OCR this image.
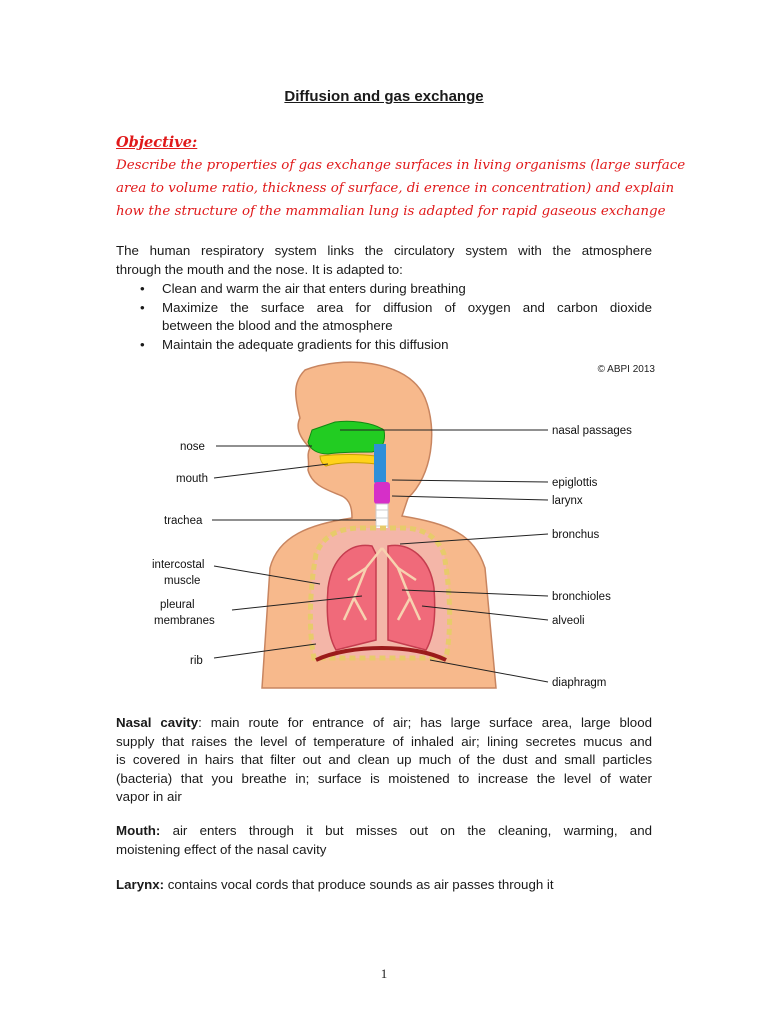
Diffusion and gas exchange
Objective:
Describe the properties of gas exchange surfaces in living organisms (large surface
area to volume ratio, thickness of surface, di erence in concentration) and explain
how the structure of the mammalian lung is adapted for rapid gaseous exchange
The human respiratory system links the circulatory system with the atmosphere
through the mouth and the nose. It is adapted to:
• Clean and warm the air that enters during breathing
• Maximize the surface area for diffusion of oxygen and carbon dioxide
between the blood and the atmosphere
• Maintain the adequate gradients for this diffusion
© ABPI 2013
nose
mouth
trachea
intercostal
muscle
pleural
membranes
rib
nasal passages
epiglottis
larynx
bronchus
bronchioles
alveoli
diaphragm
Nasal cavity: main route for entrance of air; has large surface area, large blood
supply that raises the level of temperature of inhaled air; lining secretes mucus and
is covered in hairs that filter out and clean up much of the dust and small particles
(bacteria) that you breathe in; surface is moistened to increase the level of water
vapor in air
Mouth: air enters through it but misses out on the cleaning, warming, and
moistening effect of the nasal cavity
Larynx: contains vocal cords that produce sounds as air passes through it
1
